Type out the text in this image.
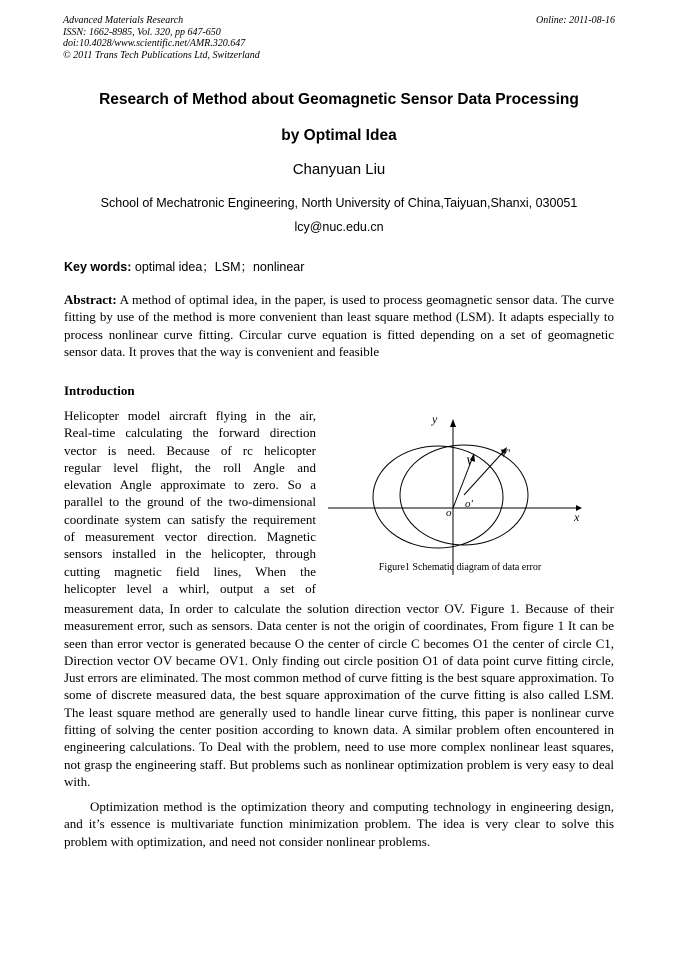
Advanced Materials Research
ISSN: 1662-8985, Vol. 320, pp 647-650
doi:10.4028/www.scientific.net/AMR.320.647
© 2011 Trans Tech Publications Ltd, Switzerland
Online: 2011-08-16
Research of Method about Geomagnetic Sensor Data Processing
by Optimal Idea
Chanyuan Liu
School of Mechatronic Engineering, North University of China,Taiyuan,Shanxi, 030051
lcy@nuc.edu.cn
Key words: optimal idea；LSM；nonlinear
Abstract: A method of optimal idea, in the paper, is used to process geomagnetic sensor data. The curve fitting by use of the method is more convenient than least square method (LSM). It adapts especially to process nonlinear curve fitting. Circular curve equation is fitted depending on a set of geomagnetic sensor data. It proves that the way is convenient and feasible
Introduction
Helicopter model aircraft flying in the air,
Real-time calculating the forward direction
vector is need. Because of rc helicopter
regular level flight, the roll Angle and
elevation Angle approximate to zero. So a
parallel to the ground of the two-dimensional
coordinate system can satisfy the requirement
of measurement vector direction. Magnetic
sensors installed in the helicopter, through
cutting magnetic field lines, When the
helicopter level a whirl, output a set of
y
x
o
o'
V
V'
Figure1 Schematic diagram of data error
measurement data, In order to calculate the solution direction vector OV. Figure 1. Because of their measurement error, such as sensors. Data center is not the origin of coordinates, From figure 1 It can be seen than error vector is generated because O the center of circle C becomes O1 the center of circle C1, Direction vector OV became OV1. Only finding out circle position O1 of data point curve fitting circle, Just errors are eliminated. The most common method of curve fitting is the best square approximation. To some of discrete measured data, the best square approximation of the curve fitting is also called LSM. The least square method are generally used to handle linear curve fitting, this paper is nonlinear curve fitting of solving the center position according to known data. A similar problem often encountered in engineering calculations. To Deal with the problem, need to use more complex nonlinear least squares, not grasp the engineering staff. But problems such as nonlinear optimization problem is very easy to deal with.
Optimization method is the optimization theory and computing technology in engineering design, and it’s essence is multivariate function minimization problem. The idea is very clear to solve this problem with optimization, and need not consider nonlinear problems.
